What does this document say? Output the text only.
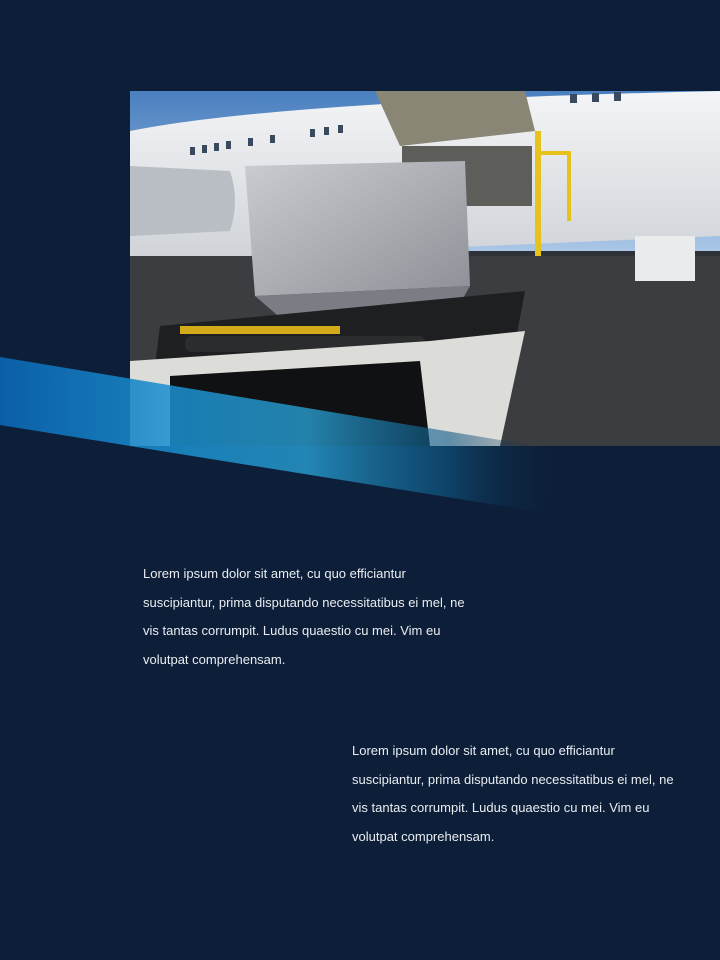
Lorem ipsum dolor sit amet, cu quo efficiantur suscipiantur, prima disputando necessitatibus ei mel, ne vis tantas corrumpit. Ludus quaestio cu mei. Vim eu volutpat comprehensam.
Lorem ipsum dolor sit amet, cu quo efficiantur suscipiantur, prima disputando necessitatibus ei mel, ne vis tantas corrumpit. Ludus quaestio cu mei. Vim eu volutpat comprehensam.
